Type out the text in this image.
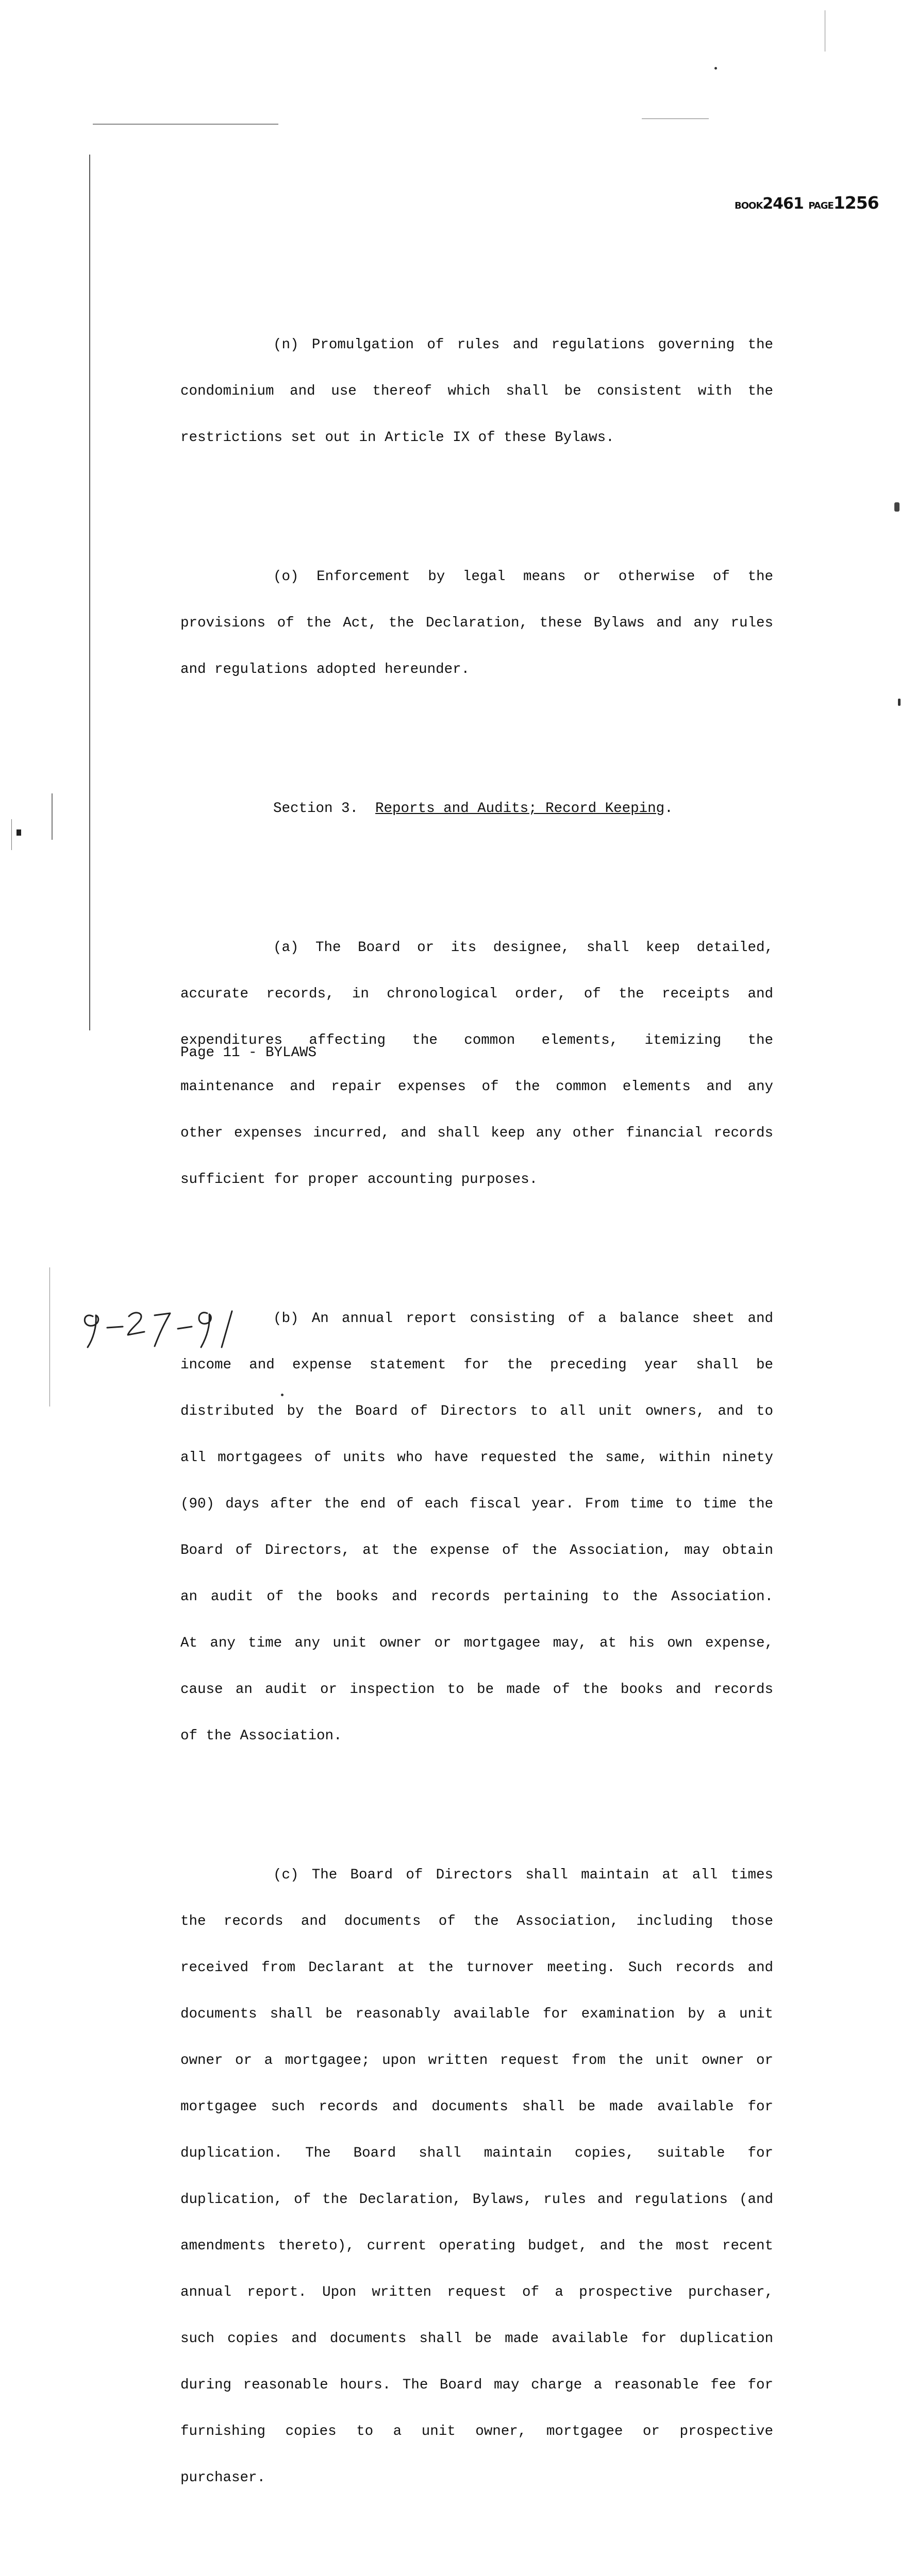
BOOK2461 PAGE1256

(n) Promulgation of rules and regulations governing the

condominium and use thereof which shall be consistent with the

restrictions set out in Article IX of these Bylaws.

(o) Enforcement by legal means or otherwise of the

provisions of the Act, the Declaration, these Bylaws and any rules

and regulations adopted hereunder.

Section 3. Reports and Audits; Record Keeping.

(a) The Board or its designee, shall keep detailed,

accurate records, in chronological order, of the receipts and

expenditures affecting the common elements, itemizing the

maintenance and repair expenses of the common elements and any

other expenses incurred, and shall keep any other financial records

sufficient for proper accounting purposes.

(b) An annual report consisting of a balance sheet and

income and expense statement for the preceding year shall be

distributed by the Board of Directors to all unit owners, and to

all mortgagees of units who have requested the same, within ninety

(90) days after the end of each fiscal year. From time to time the

Board of Directors, at the expense of the Association, may obtain

an audit of the books and records pertaining to the Association.

At any time any unit owner or mortgagee may, at his own expense,

cause an audit or inspection to be made of the books and records

of the Association.

(c) The Board of Directors shall maintain at all times

the records and documents of the Association, including those

received from Declarant at the turnover meeting. Such records and

documents shall be reasonably available for examination by a unit

owner or a mortgagee; upon written request from the unit owner or

mortgagee such records and documents shall be made available for

duplication. The Board shall maintain copies, suitable for

duplication, of the Declaration, Bylaws, rules and regulations (and

amendments thereto), current operating budget, and the most recent

annual report. Upon written request of a prospective purchaser,

such copies and documents shall be made available for duplication

during reasonable hours. The Board may charge a reasonable fee for

furnishing copies to a unit owner, mortgagee or prospective

purchaser.

Page 11 - BYLAWS
